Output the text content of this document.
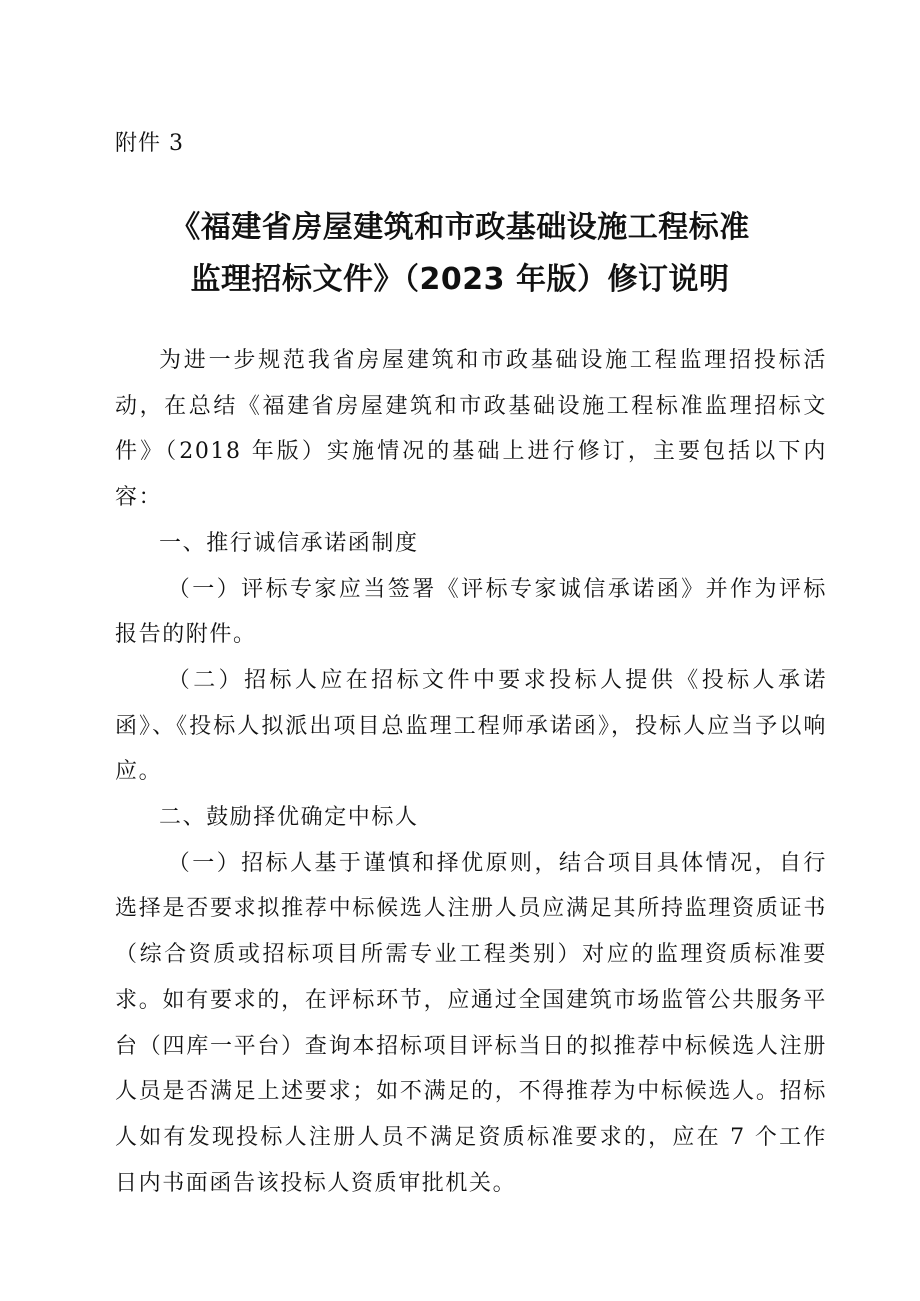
附件 3
《福建省房屋建筑和市政基础设施工程标准
监理招标文件》（2023 年版）修订说明

为进一步规范我省房屋建筑和市政基础设施工程监理招投标活动，在总结《福建省房屋建筑和市政基础设施工程标准监理招标文件》（2018 年版）实施情况的基础上进行修订，主要包括以下内容：

一、推行诚信承诺函制度

（一）评标专家应当签署《评标专家诚信承诺函》并作为评标报告的附件。

（二）招标人应在招标文件中要求投标人提供《投标人承诺函》、《投标人拟派出项目总监理工程师承诺函》，投标人应当予以响应。

二、鼓励择优确定中标人

（一）招标人基于谨慎和择优原则，结合项目具体情况，自行选择是否要求拟推荐中标候选人注册人员应满足其所持监理资质证书（综合资质或招标项目所需专业工程类别）对应的监理资质标准要求。如有要求的，在评标环节，应通过全国建筑市场监管公共服务平台（四库一平台）查询本招标项目评标当日的拟推荐中标候选人注册人员是否满足上述要求；如不满足的，不得推荐为中标候选人。招标人如有发现投标人注册人员不满足资质标准要求的，应在 7 个工作日内书面函告该投标人资质审批机关。
